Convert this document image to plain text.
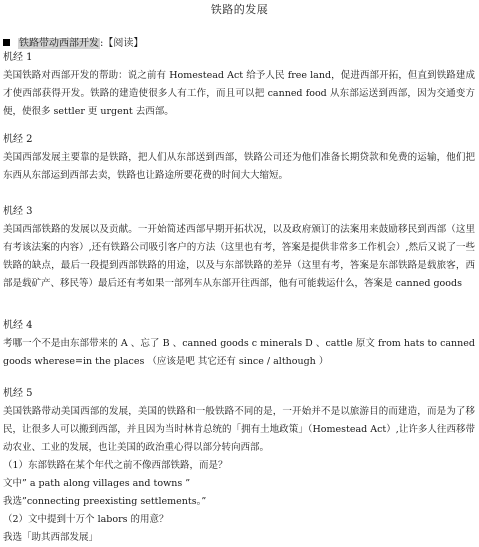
铁路的发展
铁路带动西部开发:【阅读】
机经 1

美国铁路对西部开发的帮助：说之前有 Homestead Act 给予人民 free land，促进西部开拓，但直到铁路建成才使西部获得开发。铁路的建造使很多人有工作，而且可以把 canned food 从东部运送到西部，因为交通变方便，使很多 settler 更 urgent 去西部。

机经 2

美国西部发展主要靠的是铁路，把人们从东部送到西部，铁路公司还为他们准备长期贷款和免费的运输，他们把东西从东部运到西部去卖，铁路也让路途所要花费的时间大大缩短。

机经 3

美国西部铁路的发展以及贡献。一开始简述西部早期开拓状况，以及政府颁订的法案用来鼓励移民到西部（这里有考该法案的内容）,还有铁路公司吸引客户的方法（这里也有考，答案是提供非常多工作机会）,然后又说了一些铁路的缺点，最后一段提到西部铁路的用途，以及与东部铁路的差异（这里有考，答案是东部铁路是载旅客，西部是载矿产、移民等）最后还有考如果一部列车从东部开往西部，他有可能载运什么，答案是 canned goods

机经 4

考哪一个不是由东部带来的 A 、忘了 B 、canned goods c minerals D 、cattle 原文 from hats to canned goods wherese=in the places （应该是吧 其它还有 since / although ）

机经 5

美国铁路带动美国西部的发展，美国的铁路和一般铁路不同的是，一开始并不是以旅游目的而建造，而是为了移民，让很多人可以搬到西部，并且因为当时林肯总统的「拥有土地政策」（Homestead Act）,让许多人往西移带动农业、工业的发展，也让美国的政治重心得以部分转向西部。

（1）东部铁路在某个年代之前不像西部铁路，而是？
文中” a path along villages and towns ”
我选”connecting preexisting settlements。”
（2）文中提到十万个 labors 的用意？
我选「助其西部发展」
